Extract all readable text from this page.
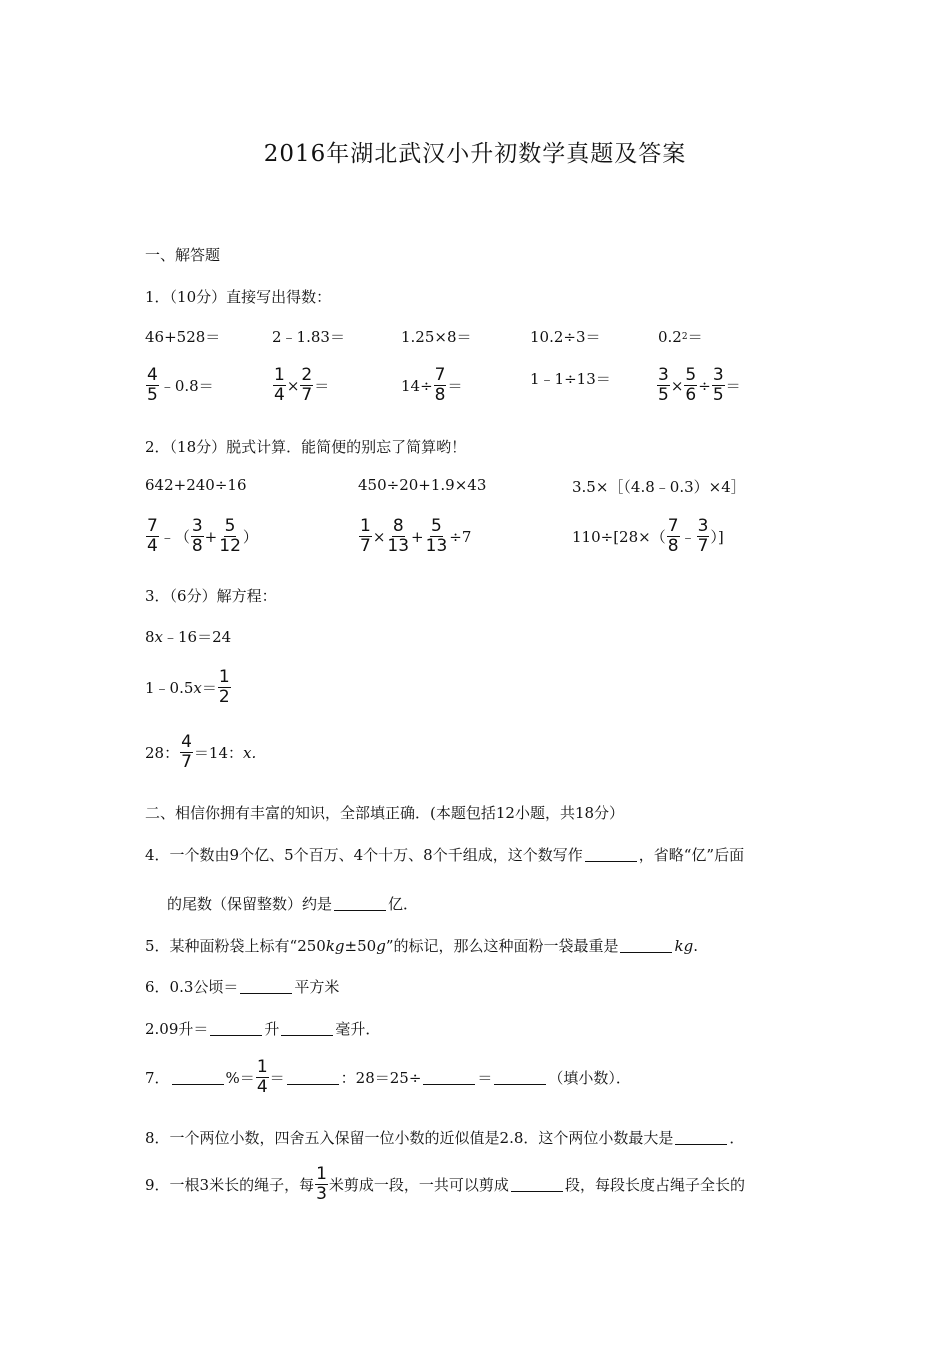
2016年湖北武汉小升初数学真题及答案
一、解答题
1．（10分）直接写出得数：
46+528＝	2﹣1.83＝	1.25×8＝	10.2÷3＝	0.2 2 ＝
$\frac{4}{5}$ ﹣0.8＝	$\frac{1}{4} \times \frac{2}{7}$ ＝	$14\div \frac{7}{8}$ ＝	1﹣1÷13＝	$\frac{3}{5} \times \frac{5}{6} \div \frac{3}{5}$ ＝
2．（18分）脱式计算．能简便的别忘了简算哟！
642+240÷16	450÷20+1.9×43	3.5×［（4.8﹣0.3）×4］
$\frac{7}{4}$ ﹣（ $\frac{3}{8} + \frac{5}{12}$ ）	$\frac{1}{7} \times \frac{8}{13} + \frac{5}{13} \div 7$	$110\div[28\times( \frac{7}{8}$ ﹣ $\frac{3}{7}$ ）]
3．（6分）解方程：
8 x ﹣16＝24
1﹣0.5 $x = \frac{1}{2}$
28： $\frac{4}{7} =14$： x.
二、相信你拥有丰富的知识，全部填正确．(本题包括12小题，共18分）
4．一个数由9个亿、5个百万、4个十万、8个千组成，这个数写作	，省略“亿”后面
的尾数（保留整数）约是	亿．
5．某种面粉袋上标有“250 kg ±50 g ”的标记，那么这种面粉一袋最重是	kg .
6．0.3公顷＝	平方米
2.09升＝	升	毫升．
7．	%＝ $\frac{1}{4}$ ＝	：28＝25÷	＝	（填小数）．
8．一个两位小数，四舍五入保留一位小数的近似值是2.8．这个两位小数最大是	．
9．一根3米长的绳子，每 $\frac{1}{3}$ 米剪成一段，一共可以剪成	段，每段长度占绳子全长的
